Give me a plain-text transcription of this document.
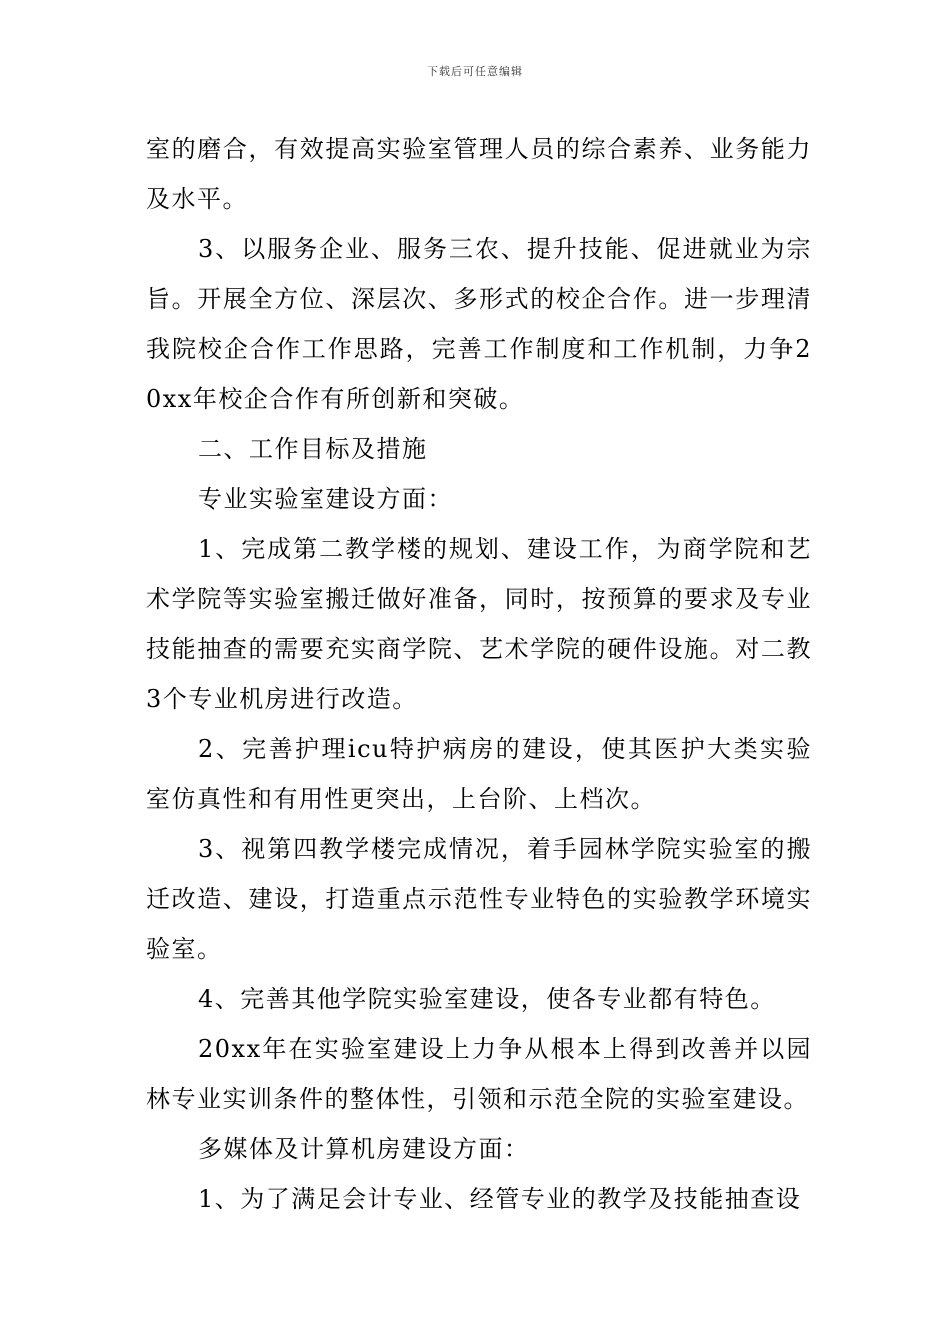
下载后可任意编辑

室的磨合，有效提高实验室管理人员的综合素养、业务能力及水平。

3、以服务企业、服务三农、提升技能、促进就业为宗旨。开展全方位、深层次、多形式的校企合作。进一步理清我院校企合作工作思路，完善工作制度和工作机制，力争20xx年校企合作有所创新和突破。

二、工作目标及措施

专业实验室建设方面：

1、完成第二教学楼的规划、建设工作，为商学院和艺术学院等实验室搬迁做好准备，同时，按预算的要求及专业技能抽查的需要充实商学院、艺术学院的硬件设施。对二教3个专业机房进行改造。

2、完善护理icu特护病房的建设，使其医护大类实验室仿真性和有用性更突出，上台阶、上档次。

3、视第四教学楼完成情况，着手园林学院实验室的搬迁改造、建设，打造重点示范性专业特色的实验教学环境实验室。

4、完善其他学院实验室建设，使各专业都有特色。

20xx年在实验室建设上力争从根本上得到改善并以园林专业实训条件的整体性，引领和示范全院的实验室建设。

多媒体及计算机房建设方面：

1、为了满足会计专业、经管专业的教学及技能抽查设
